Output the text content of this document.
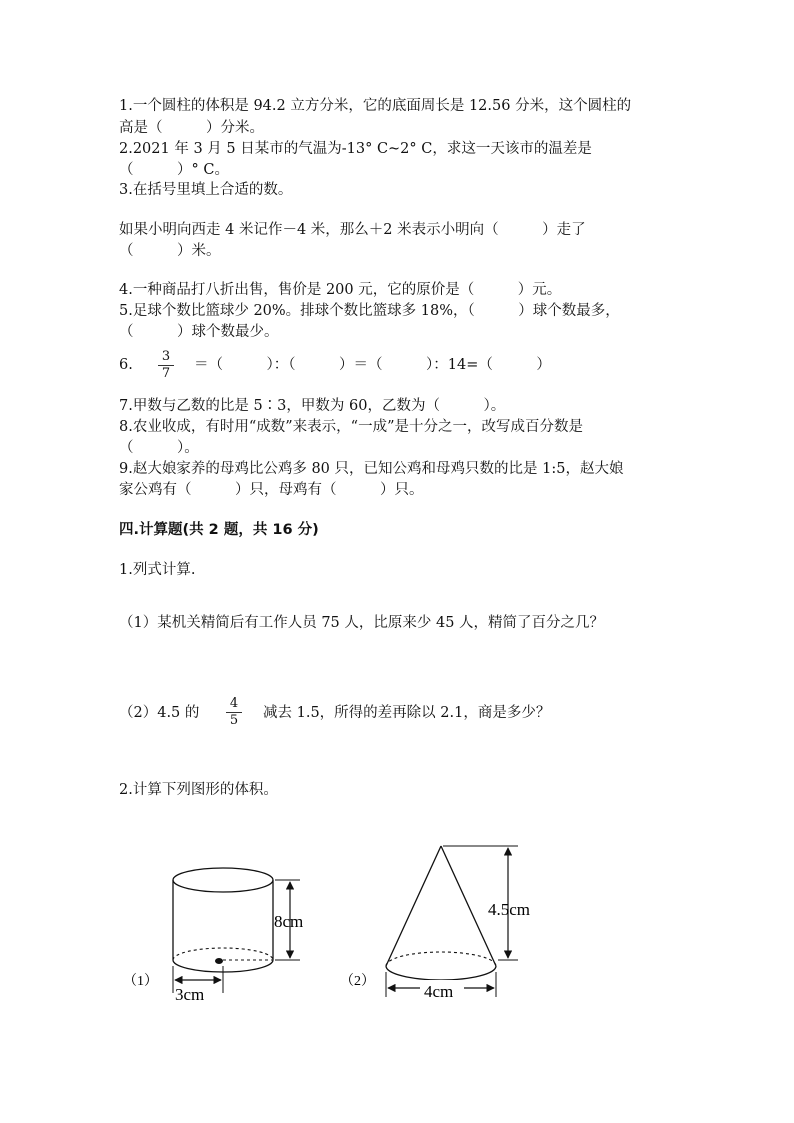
1.一个圆柱的体积是 94.2 立方分米，它的底面周长是 12.56 分米，这个圆柱的
高是（　　　）分米。
2.2021 年 3 月 5 日某市的气温为-13° C~2° C，求这一天该市的温差是
（　　　）° C。
3.在括号里填上合适的数。
如果小明向西走 4 米记作－4 米，那么＋2 米表示小明向（　　　）走了
（　　　）米。
4.一种商品打八折出售，售价是 200 元，它的原价是（　　　）元。
5.足球个数比篮球少 20%。排球个数比篮球多 18%，（　　　）球个数最多，
（　　　）球个数最少。
6.
3
7
＝（　　　）：（　　　）＝（　　　）：14=（　　　）
7.甲数与乙数的比是 5∶3，甲数为 60，乙数为（　　　）。
8.农业收成，有时用“成数”来表示，“一成”是十分之一，改写成百分数是
（　　　）。
9.赵大娘家养的母鸡比公鸡多 80 只，已知公鸡和母鸡只数的比是 1:5，赵大娘
家公鸡有（　　　）只，母鸡有（　　　）只。
四.计算题(共 2 题，共 16 分)
1.列式计算.
（1）某机关精简后有工作人员 75 人，比原来少 45 人，精简了百分之几？
（2）4.5 的
4
5 减去 1.5，所得的差再除以 2.1，商是多少？
2.计算下列图形的体积。
8cm
3cm
（1）
4.5cm
4cm
（2）
